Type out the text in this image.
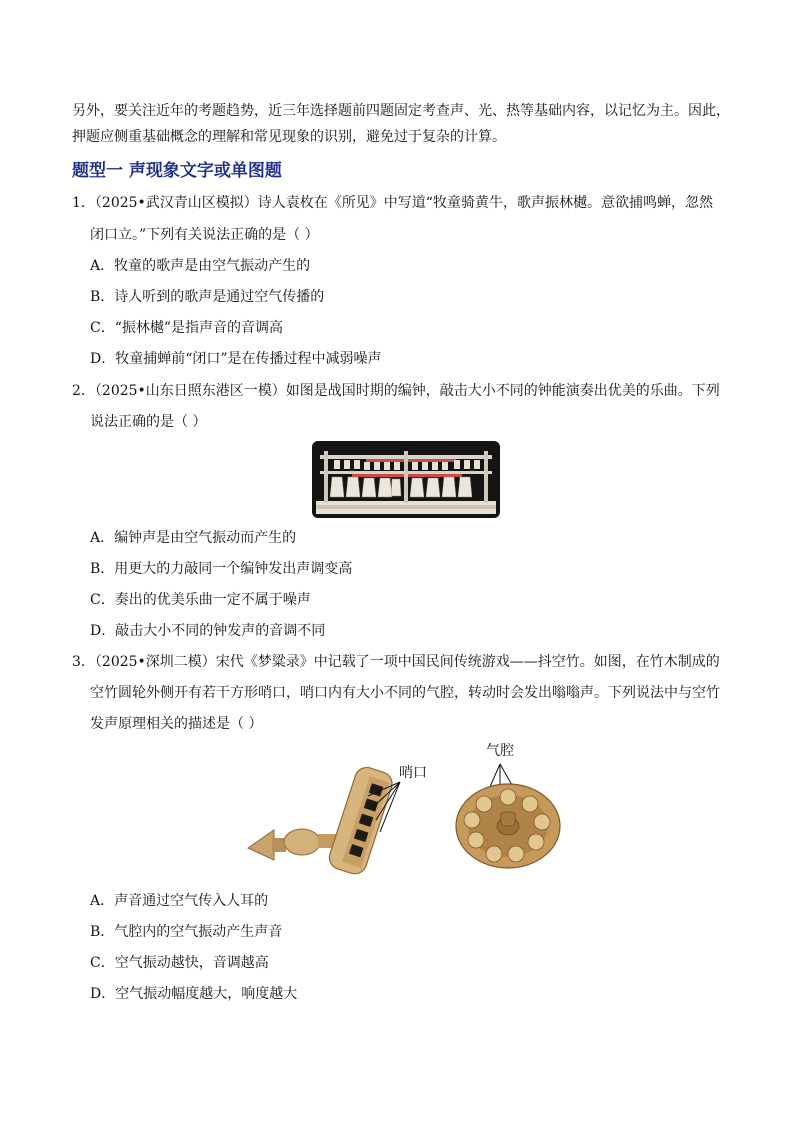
另外，要关注近年的考题趋势，近三年选择题前四题固定考查声、光、热等基础内容，以记忆为主。因此，
押题应侧重基础概念的理解和常见现象的识别，避免过于复杂的计算。
题型一 声现象文字或单图题
1．（2025•武汉青山区模拟）诗人袁枚在《所见》中写道“牧童骑黄牛，歌声振林樾。意欲捕鸣蝉，忽然
闭口立。”下列有关说法正确的是（ ）
A．牧童的歌声是由空气振动产生的
B．诗人听到的歌声是通过空气传播的
C．“振林樾”是指声音的音调高
D．牧童捕蝉前“闭口”是在传播过程中减弱噪声
2．（2025•山东日照东港区一模）如图是战国时期的编钟，敲击大小不同的钟能演奏出优美的乐曲。下列
说法正确的是（ ）
A．编钟声是由空气振动而产生的
B．用更大的力敲同一个编钟发出声调变高
C．奏出的优美乐曲一定不属于噪声
D．敲击大小不同的钟发声的音调不同
3．（2025•深圳二模）宋代《梦粱录》中记载了一项中国民间传统游戏——抖空竹。如图，在竹木制成的
空竹圆轮外侧开有若干方形哨口，哨口内有大小不同的气腔，转动时会发出嗡嗡声。下列说法中与空竹
发声原理相关的描述是（ ）
哨口
气腔
A．声音通过空气传入人耳的
B．气腔内的空气振动产生声音
C．空气振动越快，音调越高
D．空气振动幅度越大，响度越大
